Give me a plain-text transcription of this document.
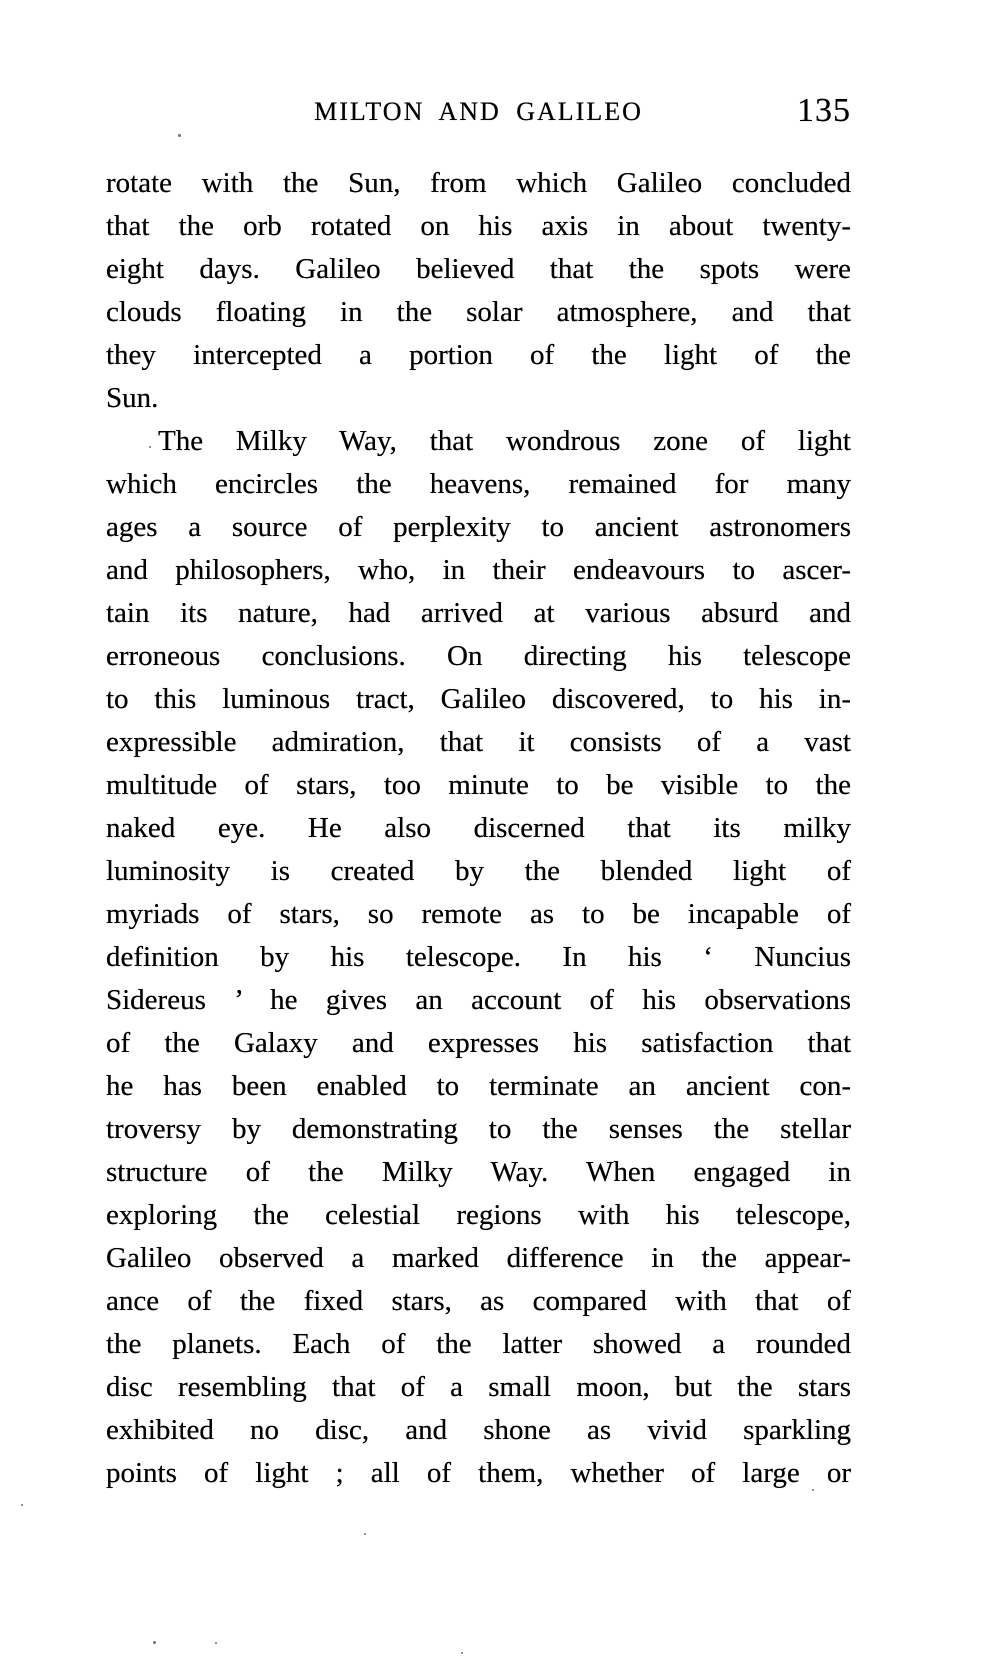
MILTON AND GALILEO	135
rotate with the Sun, from which Galileo concluded
that the orb rotated on his axis in about twenty-
eight days. Galileo believed that the spots were
clouds floating in the solar atmosphere, and that
they intercepted a portion of the light of the
Sun.
The Milky Way, that wondrous zone of light
which encircles the heavens, remained for many
ages a source of perplexity to ancient astronomers
and philosophers, who, in their endeavours to ascer-
tain its nature, had arrived at various absurd and
erroneous conclusions. On directing his telescope
to this luminous tract, Galileo discovered, to his in-
expressible admiration, that it consists of a vast
multitude of stars, too minute to be visible to the
naked eye. He also discerned that its milky
luminosity is created by the blended light of
myriads of stars, so remote as to be incapable of
definition by his telescope. In his ‘ Nuncius
Sidereus ’ he gives an account of his observations
of the Galaxy and expresses his satisfaction that
he has been enabled to terminate an ancient con-
troversy by demonstrating to the senses the stellar
structure of the Milky Way. When engaged in
exploring the celestial regions with his telescope,
Galileo observed a marked difference in the appear-
ance of the fixed stars, as compared with that of
the planets. Each of the latter showed a rounded
disc resembling that of a small moon, but the stars
exhibited no disc, and shone as vivid sparkling
points of light ; all of them, whether of large or
